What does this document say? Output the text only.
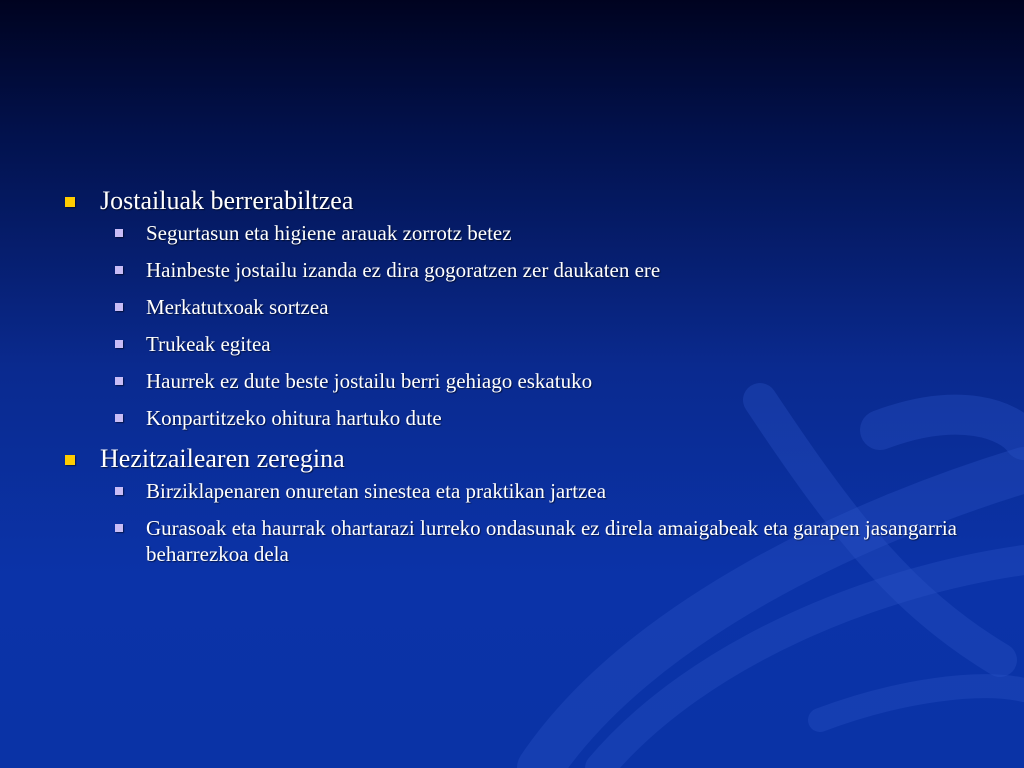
Jostailuak berrerabiltzea
Segurtasun eta higiene arauak zorrotz betez
Hainbeste jostailu izanda ez dira gogoratzen zer daukaten ere
Merkatutxoak sortzea
Trukeak egitea
Haurrek ez dute beste jostailu berri gehiago eskatuko
Konpartitzeko ohitura hartuko dute
Hezitzailearen zeregina
Birziklapenaren onuretan sinestea eta praktikan jartzea
Gurasoak eta haurrak ohartarazi lurreko ondasunak ez direla amaigabeak eta garapen jasangarria beharrezkoa dela
